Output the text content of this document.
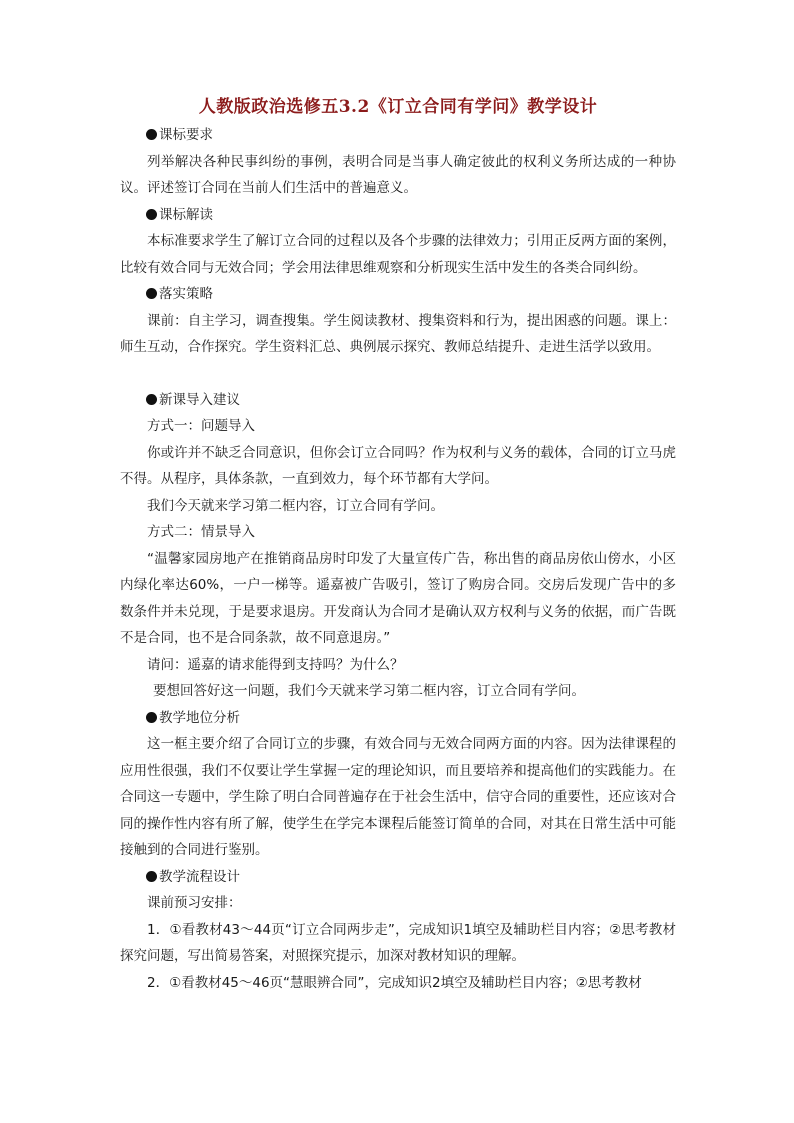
人教版政治选修五3.2《订立合同有学问》教学设计

课标要求

列举解决各种民事纠纷的事例，表明合同是当事人确定彼此的权利义务所达成的一种协议。评述签订合同在当前人们生活中的普遍意义。

课标解读

本标准要求学生了解订立合同的过程以及各个步骤的法律效力；引用正反两方面的案例，比较有效合同与无效合同；学会用法律思维观察和分析现实生活中发生的各类合同纠纷。

落实策略

课前：自主学习，调查搜集。学生阅读教材、搜集资料和行为，提出困惑的问题。课上：师生互动，合作探究。学生资料汇总、典例展示探究、教师总结提升、走进生活学以致用。

新课导入建议

方式一：问题导入

你或许并不缺乏合同意识，但你会订立合同吗？作为权利与义务的载体，合同的订立马虎不得。从程序，具体条款，一直到效力，每个环节都有大学问。

我们今天就来学习第二框内容，订立合同有学问。

方式二：情景导入

“温馨家园房地产在推销商品房时印发了大量宣传广告，称出售的商品房依山傍水，小区内绿化率达60%，一户一梯等。遥嘉被广告吸引，签订了购房合同。交房后发现广告中的多数条件并未兑现，于是要求退房。开发商认为合同才是确认双方权利与义务的依据，而广告既不是合同，也不是合同条款，故不同意退房。”

请问：遥嘉的请求能得到支持吗？为什么？

要想回答好这一问题，我们今天就来学习第二框内容，订立合同有学问。

教学地位分析

这一框主要介绍了合同订立的步骤，有效合同与无效合同两方面的内容。因为法律课程的应用性很强，我们不仅要让学生掌握一定的理论知识，而且要培养和提高他们的实践能力。在合同这一专题中，学生除了明白合同普遍存在于社会生活中，信守合同的重要性，还应该对合同的操作性内容有所了解，使学生在学完本课程后能签订简单的合同，对其在日常生活中可能接触到的合同进行鉴别。

教学流程设计

课前预习安排：

1．①看教材43～44页“订立合同两步走”，完成知识1填空及辅助栏目内容；②思考教材探究问题，写出简易答案，对照探究提示，加深对教材知识的理解。

2．①看教材45～46页“慧眼辨合同”，完成知识2填空及辅助栏目内容；②思考教材
